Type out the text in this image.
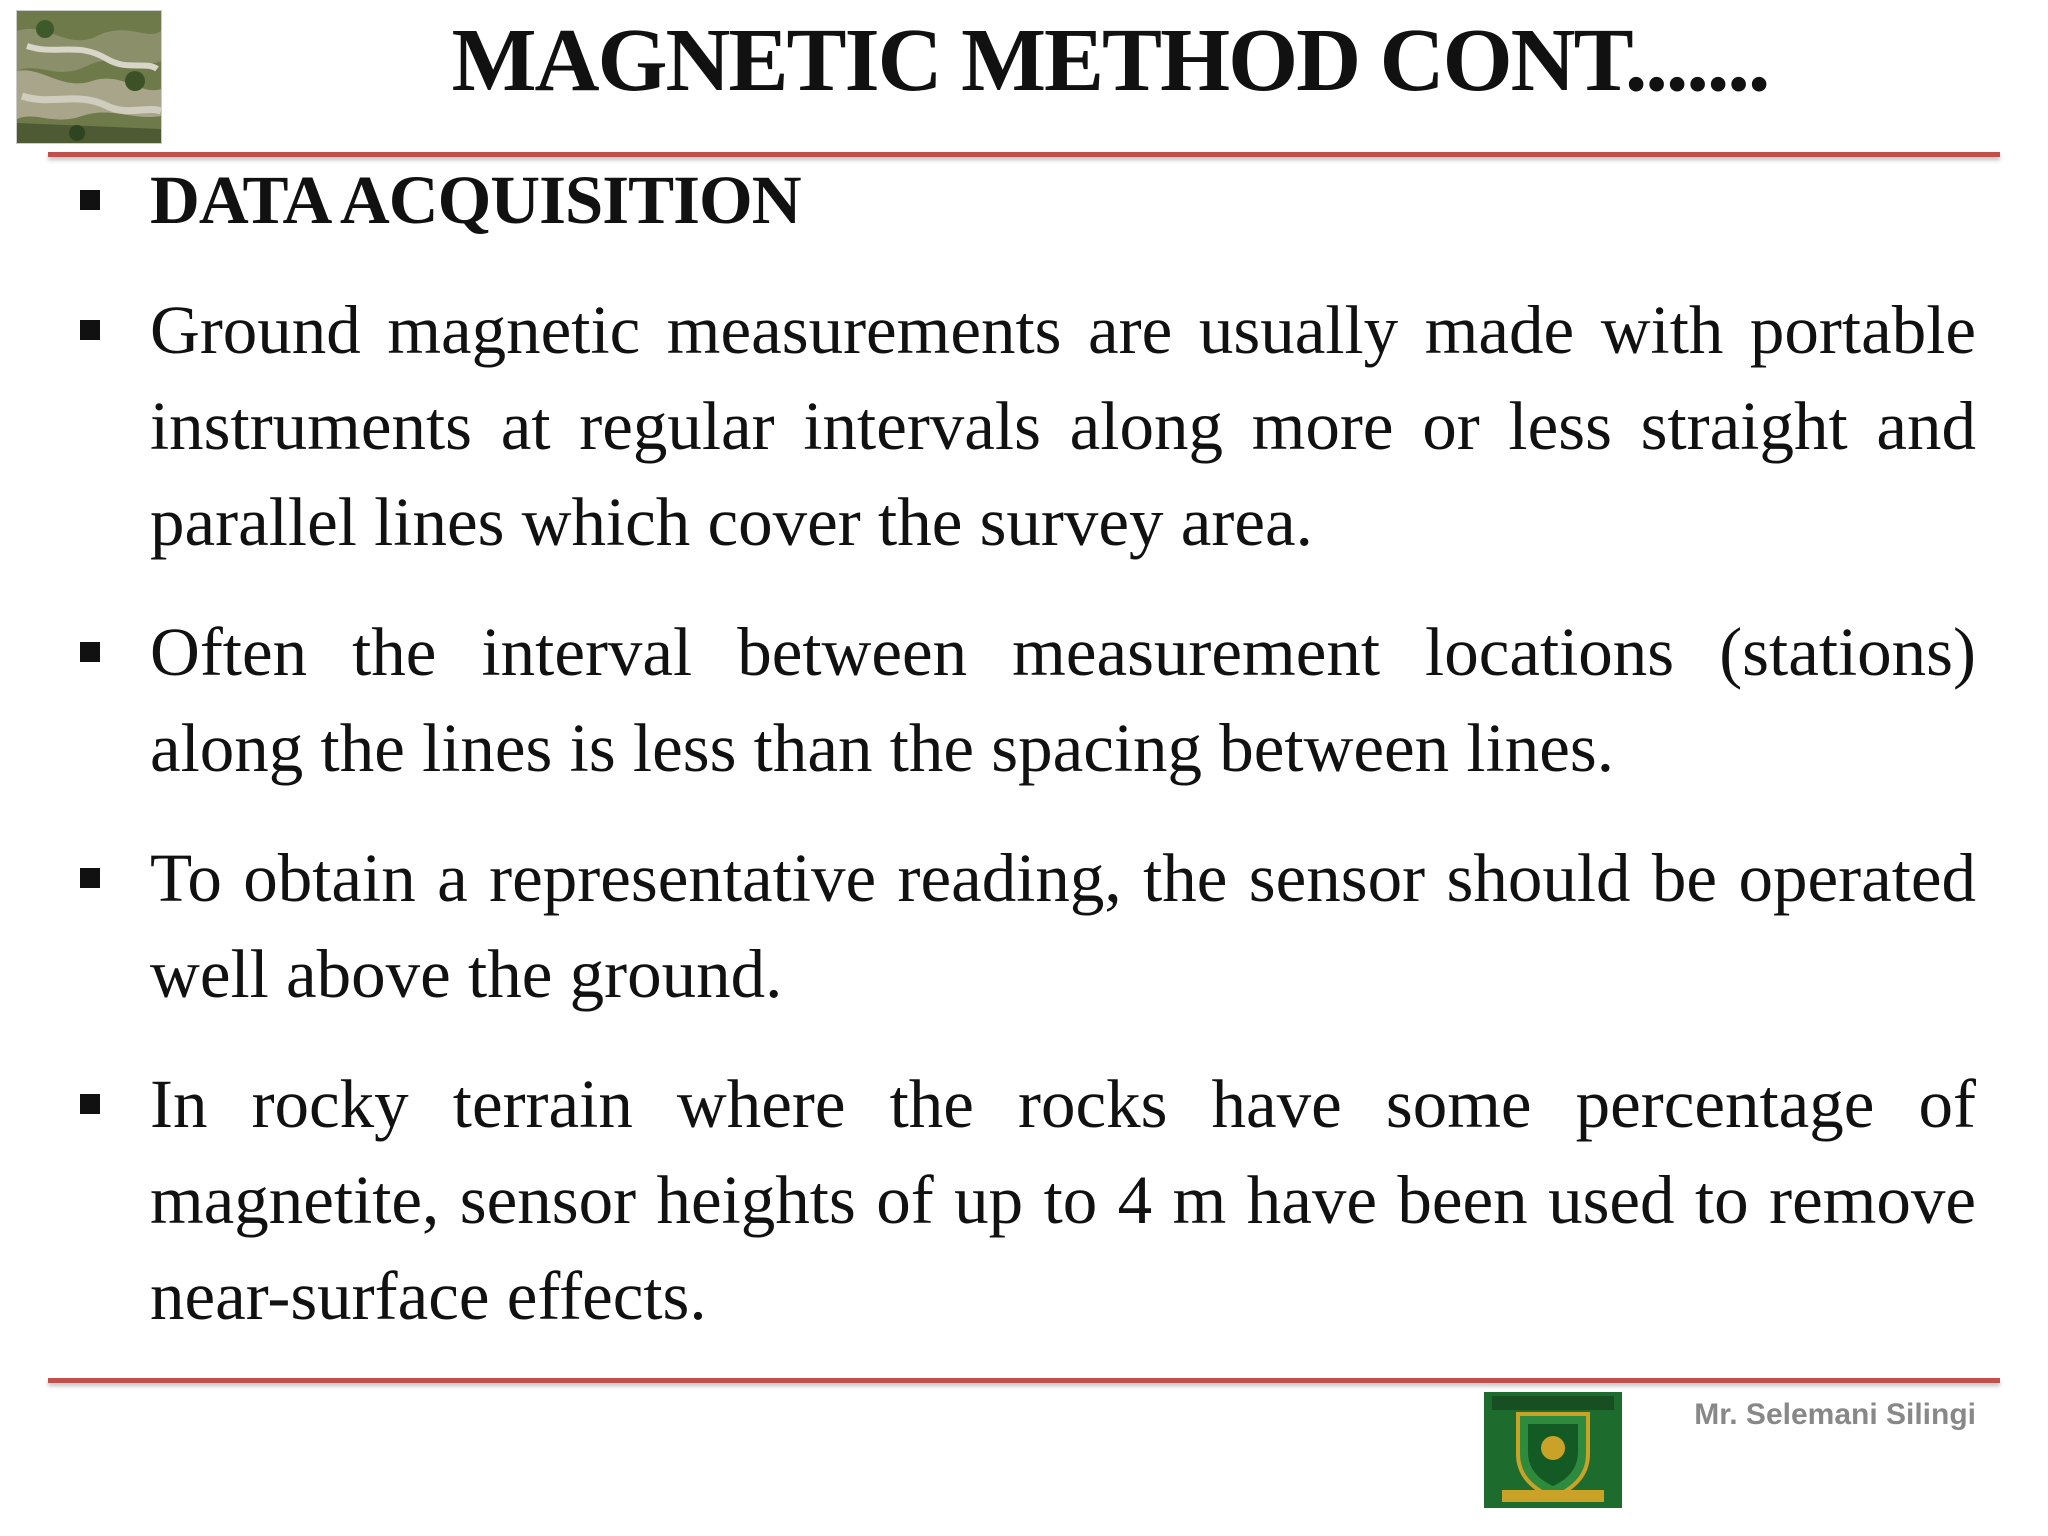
MAGNETIC METHOD CONT.......
DATA ACQUISITION
Ground magnetic measurements are usually made with portable instruments at regular intervals along more or less straight and parallel lines which cover the survey area.
Often the interval between measurement locations (stations) along the lines is less than the spacing between lines.
To obtain a representative reading, the sensor should be operated well above the ground.
In rocky terrain where the rocks have some percentage of magnetite, sensor heights of up to 4 m have been used to remove near-surface effects.
Mr. Selemani Silingi
